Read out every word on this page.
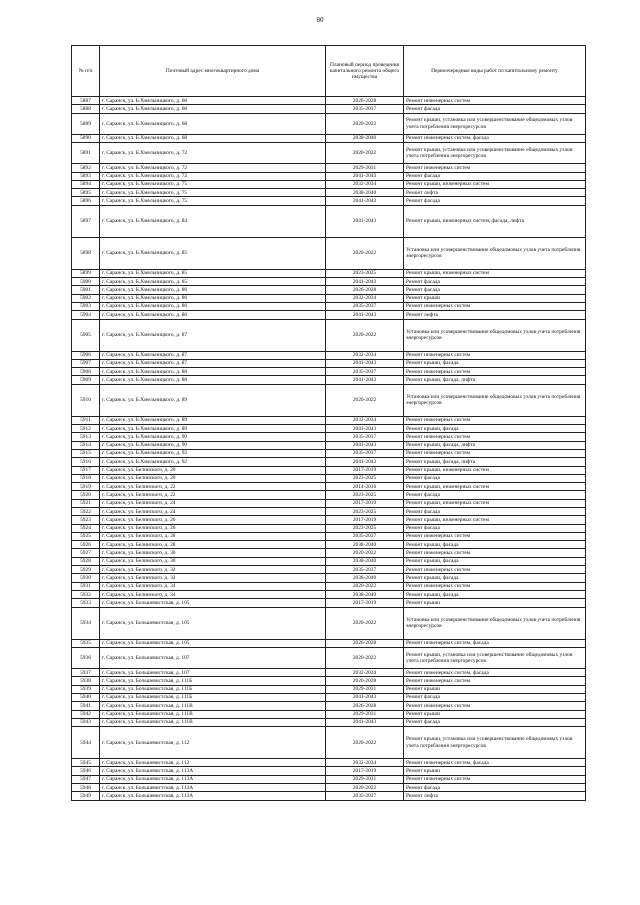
80
№ п/п	Почтовый адрес многоквартирного дома	Плановый период проведения капитального ремонта общего имущества	Первоочередные виды работ по капитальному ремонту
5887	г. Саранск, ул. Б.Хмельницкого, д. 66	2026-2028	Ремонт инженерных систем
5888	г. Саранск, ул. Б.Хмельницкого, д. 66	2035-2037	Ремонт фасада
5889	г. Саранск, ул. Б.Хмельницкого, д. 68	2020-2022	Ремонт крыши, установка или усовершенствование общедомовых узлов учета потребления энергоресурсов
5890	г. Саранск, ул. Б.Хмельницкого, д. 68	2038-2040	Ремонт инженерных систем, фасада
5891	г. Саранск, ул. Б.Хмельницкого, д. 72	2020-2022	Ремонт крыши, установка или усовершенствование общедомовых узлов учета потребления энергоресурсов
5892	г. Саранск, ул. Б.Хмельницкого, д. 72	2029-2031	Ремонт инженерных систем
5893	г. Саранск, ул. Б.Хмельницкого, д. 72	2041-2043	Ремонт фасада
5894	г. Саранск, ул. Б.Хмельницкого, д. 75	2032-2034	Ремонт крыши, инженерных систем
5895	г. Саранск, ул. Б.Хмельницкого, д. 75	2038-2040	Ремонт лифта
5896	г. Саранск, ул. Б.Хмельницкого, д. 75	2041-2043	Ремонт фасада
5897	г. Саранск, ул. Б.Хмельницкого, д. 84	2041-2043	Ремонт крыши, инженерных систем, фасада, лифта
5898	г. Саранск, ул. Б.Хмельницкого, д. 85	2020-2022	Установка или усовершенствование общедомовых узлов учета потребления энергоресурсов
5899	г. Саранск, ул. Б.Хмельницкого, д. 85	2023-2025	Ремонт крыши, инженерных систем
5900	г. Саранск, ул. Б.Хмельницкого, д. 85	2041-2043	Ремонт фасада
5901	г. Саранск, ул. Б.Хмельницкого, д. 86	2026-2028	Ремонт фасада
5902	г. Саранск, ул. Б.Хмельницкого, д. 86	2032-2034	Ремонт крыши
5903	г. Саранск, ул. Б.Хмельницкого, д. 86	2035-2037	Ремонт инженерных систем
5904	г. Саранск, ул. Б.Хмельницкого, д. 86	2041-2043	Ремонт лифта
5905	г. Саранск, ул. Б.Хмельницкого, д. 87	2020-2022	Установка или усовершенствование общедомовых узлов учета потребления энергоресурсов
5906	г. Саранск, ул. Б.Хмельницкого, д. 87	2032-2034	Ремонт инженерных систем
5907	г. Саранск, ул. Б.Хмельницкого, д. 87	2041-2043	Ремонт крыши, фасада
5908	г. Саранск, ул. Б.Хмельницкого, д. 88	2035-2037	Ремонт инженерных систем
5909	г. Саранск, ул. Б.Хмельницкого, д. 88	2041-2043	Ремонт крыши, фасада, лифта
5910	г. Саранск, ул. Б.Хмельницкого, д. 89	2020-2022	Установка или усовершенствование общедомовых узлов учета потребления энергоресурсов
5911	г. Саранск, ул. Б.Хмельницкого, д. 89	2032-2034	Ремонт инженерных систем
5912	г. Саранск, ул. Б.Хмельницкого, д. 89	2041-2043	Ремонт крыши, фасада
5913	г. Саранск, ул. Б.Хмельницкого, д. 90	2035-2037	Ремонт инженерных систем
5914	г. Саранск, ул. Б.Хмельницкого, д. 90	2041-2043	Ремонт крыши, фасада, лифта
5915	г. Саранск, ул. Б.Хмельницкого, д. 92	2035-2037	Ремонт инженерных систем
5916	г. Саранск, ул. Б.Хмельницкого, д. 92	2041-2043	Ремонт крыши, фасада, лифта
5917	г. Саранск, ул. Белинского, д. 20	2017-2019	Ремонт крыши, инженерных систем
5918	г. Саранск, ул. Белинского, д. 20	2023-2025	Ремонт фасада
5919	г. Саранск, ул. Белинского, д. 22	2014-2016	Ремонт крыши, инженерных систем
5920	г. Саранск, ул. Белинского, д. 22	2023-2025	Ремонт фасада
5921	г. Саранск, ул. Белинского, д. 24	2017-2019	Ремонт крыши, инженерных систем
5922	г. Саранск, ул. Белинского, д. 24	2023-2025	Ремонт фасада
5923	г. Саранск, ул. Белинского, д. 26	2017-2019	Ремонт крыши, инженерных систем
5924	г. Саранск, ул. Белинского, д. 26	2023-2025	Ремонт фасада
5925	г. Саранск, ул. Белинского, д. 28	2035-2037	Ремонт инженерных систем
5926	г. Саранск, ул. Белинского, д. 28	2038-2040	Ремонт крыши, фасада
5927	г. Саранск, ул. Белинского, д. 30	2020-2022	Ремонт инженерных систем
5928	г. Саранск, ул. Белинского, д. 30	2038-2040	Ремонт крыши, фасада
5929	г. Саранск, ул. Белинского, д. 32	2035-2037	Ремонт инженерных систем
5930	г. Саранск, ул. Белинского, д. 32	2038-2040	Ремонт крыши, фасада
5931	г. Саранск, ул. Белинского, д. 34	2020-2022	Ремонт инженерных систем
5932	г. Саранск, ул. Белинского, д. 34	2038-2040	Ремонт крыши, фасада
5933	г. Саранск, ул. Большевистская, д. 105	2017-2019	Ремонт крыши
5934	г. Саранск, ул. Большевистская, д. 105	2020-2022	Установка или усовершенствование общедомовых узлов учета потребления энергоресурсов
5935	г. Саранск, ул. Большевистская, д. 105	2026-2028	Ремонт инженерных систем, фасада
5936	г. Саранск, ул. Большевистская, д. 107	2020-2022	Ремонт крыши, установка или усовершенствование общедомовых узлов учета потребления энергоресурсов
5937	г. Саранск, ул. Большевистская, д. 107	2032-2034	Ремонт инженерных систем, фасада
5938	г. Саранск, ул. Большевистская, д. 111Б	2026-2028	Ремонт инженерных систем
5939	г. Саранск, ул. Большевистская, д. 111Б	2029-2031	Ремонт крыши
5940	г. Саранск, ул. Большевистская, д. 111Б	2041-2043	Ремонт фасада
5941	г. Саранск, ул. Большевистская, д. 111В	2026-2028	Ремонт инженерных систем
5942	г. Саранск, ул. Большевистская, д. 111В	2029-2031	Ремонт крыши
5943	г. Саранск, ул. Большевистская, д. 111В	2041-2043	Ремонт фасада
5944	г. Саранск, ул. Большевистская, д. 112	2020-2022	Ремонт крыши, установка или усовершенствование общедомовых узлов учета потребления энергоресурсов
5945	г. Саранск, ул. Большевистская, д. 112	2032-2034	Ремонт инженерных систем, фасада
5946	г. Саранск, ул. Большевистская, д. 113А	2017-2019	Ремонт крыши
5947	г. Саранск, ул. Большевистская, д. 113А	2029-2031	Ремонт инженерных систем
5948	г. Саранск, ул. Большевистская, д. 113А	2020-2022	Ремонт фасада
5949	г. Саранск, ул. Большевистская, д. 113А	2035-2037	Ремонт лифта
